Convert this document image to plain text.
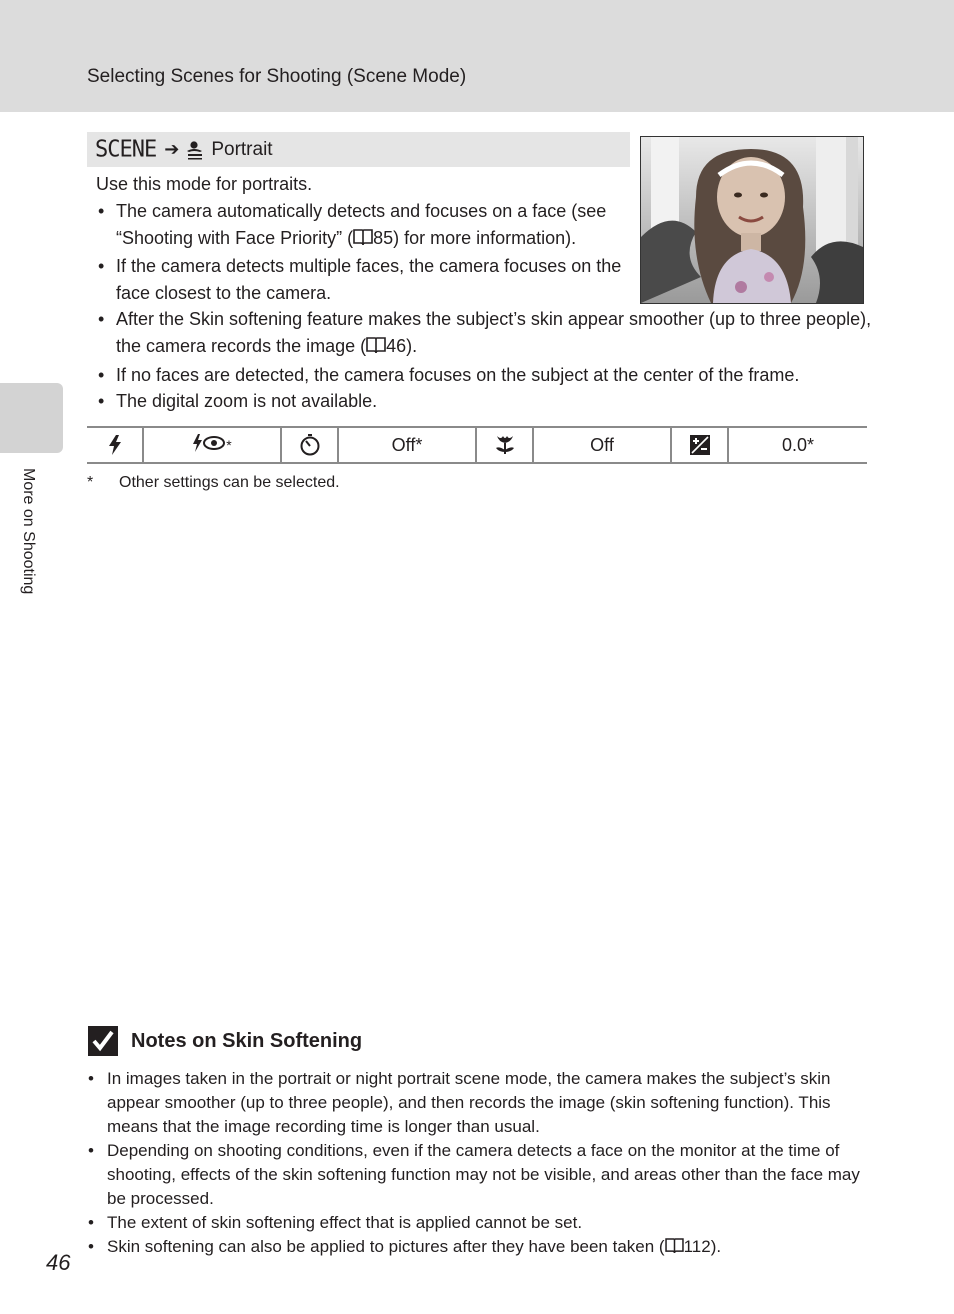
Selecting Scenes for Shooting (Scene Mode)
More on Shooting
SCENE ➔ Portrait
Use this mode for portraits.
• The camera automatically detects and focuses on a face (see “Shooting with Face Priority” ( 85) for more information).
• If the camera detects multiple faces, the camera focuses on the face closest to the camera.
• After the Skin softening feature makes the subject’s skin appear smoother (up to three people), the camera records the image ( 46).
• If no faces are detected, the camera focuses on the subject at the center of the frame.
• The digital zoom is not available.
*	Off*	Off	0.0*
* Other settings can be selected.
Notes on Skin Softening
• In images taken in the portrait or night portrait scene mode, the camera makes the subject’s skin appear smoother (up to three people), and then records the image (skin softening function). This means that the image recording time is longer than usual.
• Depending on shooting conditions, even if the camera detects a face on the monitor at the time of shooting, effects of the skin softening function may not be visible, and areas other than the face may be processed.
• The extent of skin softening effect that is applied cannot be set.
• Skin softening can also be applied to pictures after they have been taken ( 112).
46
